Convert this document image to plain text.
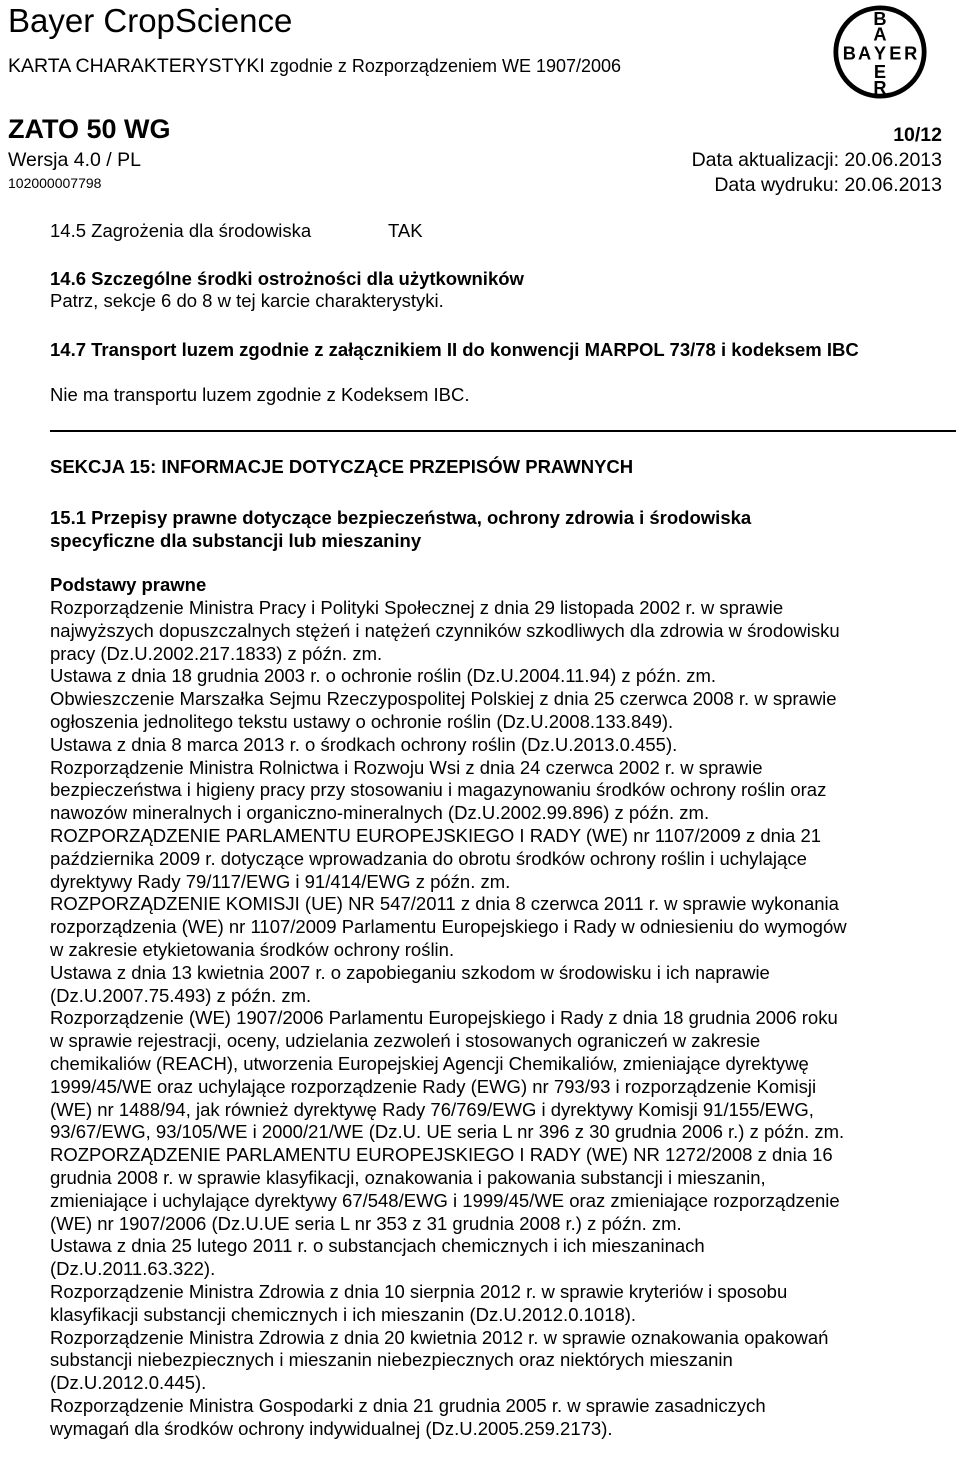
Bayer CropScience
KARTA CHARAKTERYSTYKI zgodnie z Rozporządzeniem WE 1907/2006
ZATO 50 WG
Wersja 4.0 / PL
102000007798
10/12
Data aktualizacji: 20.06.2013
Data wydruku: 20.06.2013
B
A
B A Y E R
E
R
14.5 Zagrożenia dla środowiska	TAK
14.6 Szczególne środki ostrożności dla użytkowników
Patrz, sekcje 6 do 8 w tej karcie charakterystyki.
14.7 Transport luzem zgodnie z załącznikiem II do konwencji MARPOL 73/78 i kodeksem IBC
Nie ma transportu luzem zgodnie z Kodeksem IBC.
SEKCJA 15: INFORMACJE DOTYCZĄCE PRZEPISÓW PRAWNYCH
15.1 Przepisy prawne dotyczące bezpieczeństwa, ochrony zdrowia i środowiska
specyficzne dla substancji lub mieszaniny
Podstawy prawne
Rozporządzenie Ministra Pracy i Polityki Społecznej z dnia 29 listopada 2002 r. w sprawie
najwyższych dopuszczalnych stężeń i natężeń czynników szkodliwych dla zdrowia w środowisku
pracy (Dz.U.2002.217.1833) z późn. zm.
Ustawa z dnia 18 grudnia 2003 r. o ochronie roślin (Dz.U.2004.11.94) z późn. zm.
Obwieszczenie Marszałka Sejmu Rzeczypospolitej Polskiej z dnia 25 czerwca 2008 r. w sprawie
ogłoszenia jednolitego tekstu ustawy o ochronie roślin (Dz.U.2008.133.849).
Ustawa z dnia 8 marca 2013 r. o środkach ochrony roślin (Dz.U.2013.0.455).
Rozporządzenie Ministra Rolnictwa i Rozwoju Wsi z dnia 24 czerwca 2002 r. w sprawie
bezpieczeństwa i higieny pracy przy stosowaniu i magazynowaniu środków ochrony roślin oraz
nawozów mineralnych i organiczno-mineralnych (Dz.U.2002.99.896) z późn. zm.
ROZPORZĄDZENIE PARLAMENTU EUROPEJSKIEGO I RADY (WE) nr 1107/2009 z dnia 21
października 2009 r. dotyczące wprowadzania do obrotu środków ochrony roślin i uchylające
dyrektywy Rady 79/117/EWG i 91/414/EWG z późn. zm.
ROZPORZĄDZENIE KOMISJI (UE) NR 547/2011 z dnia 8 czerwca 2011 r. w sprawie wykonania
rozporządzenia (WE) nr 1107/2009 Parlamentu Europejskiego i Rady w odniesieniu do wymogów
w zakresie etykietowania środków ochrony roślin.
Ustawa z dnia 13 kwietnia 2007 r. o zapobieganiu szkodom w środowisku i ich naprawie
(Dz.U.2007.75.493) z późn. zm.
Rozporządzenie (WE) 1907/2006 Parlamentu Europejskiego i Rady z dnia 18 grudnia 2006 roku
w sprawie rejestracji, oceny, udzielania zezwoleń i stosowanych ograniczeń w zakresie
chemikaliów (REACH), utworzenia Europejskiej Agencji Chemikaliów, zmieniające dyrektywę
1999/45/WE oraz uchylające rozporządzenie Rady (EWG) nr 793/93 i rozporządzenie Komisji
(WE) nr 1488/94, jak również dyrektywę Rady 76/769/EWG i dyrektywy Komisji 91/155/EWG,
93/67/EWG, 93/105/WE i 2000/21/WE (Dz.U. UE seria L nr 396 z 30 grudnia 2006 r.) z późn. zm.
ROZPORZĄDZENIE PARLAMENTU EUROPEJSKIEGO I RADY (WE) NR 1272/2008 z dnia 16
grudnia 2008 r. w sprawie klasyfikacji, oznakowania i pakowania substancji i mieszanin,
zmieniające i uchylające dyrektywy 67/548/EWG i 1999/45/WE oraz zmieniające rozporządzenie
(WE) nr 1907/2006 (Dz.U.UE seria L nr 353 z 31 grudnia 2008 r.) z późn. zm.
Ustawa z dnia 25 lutego 2011 r. o substancjach chemicznych i ich mieszaninach
(Dz.U.2011.63.322).
Rozporządzenie Ministra Zdrowia z dnia 10 sierpnia 2012 r. w sprawie kryteriów i sposobu
klasyfikacji substancji chemicznych i ich mieszanin (Dz.U.2012.0.1018).
Rozporządzenie Ministra Zdrowia z dnia 20 kwietnia 2012 r. w sprawie oznakowania opakowań
substancji niebezpiecznych i mieszanin niebezpiecznych oraz niektórych mieszanin
(Dz.U.2012.0.445).
Rozporządzenie Ministra Gospodarki z dnia 21 grudnia 2005 r. w sprawie zasadniczych
wymagań dla środków ochrony indywidualnej (Dz.U.2005.259.2173).
